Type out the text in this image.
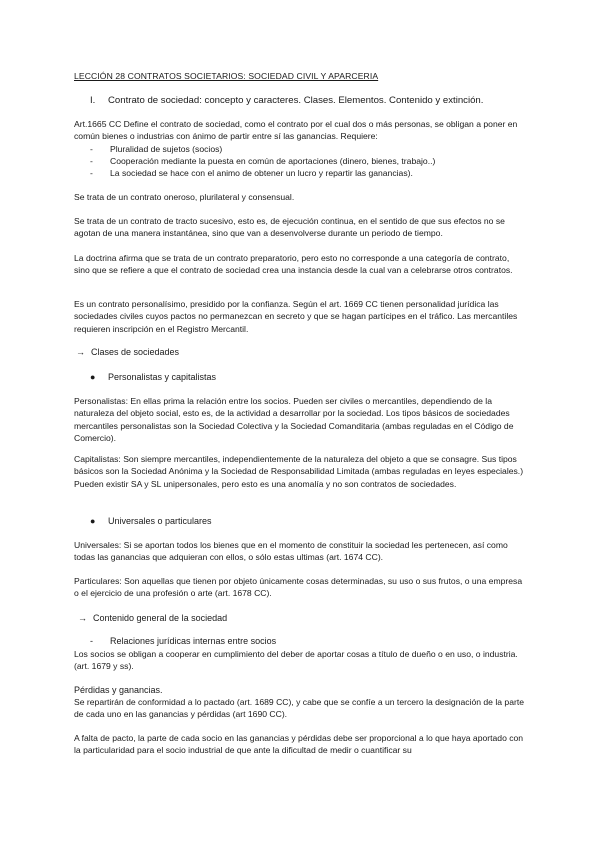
LECCIÓN 28 CONTRATOS SOCIETARIOS: SOCIEDAD CIVIL Y APARCERIA
I. Contrato de sociedad: concepto y caracteres. Clases. Elementos. Contenido y extinción.
Art.1665 CC Define el contrato de sociedad, como el contrato por el cual dos o más personas, se obligan a poner en común bienes o industrias con ánimo de partir entre sí las ganancias. Requiere:
-	Pluralidad de sujetos (socios)
-	Cooperación mediante la puesta en común de aportaciones (dinero, bienes, trabajo..)
-	La sociedad se hace con el animo de obtener un lucro y repartir las ganancias).
Se trata de un contrato oneroso, plurilateral y consensual.
Se trata de un contrato de tracto sucesivo, esto es, de ejecución continua, en el sentido de que sus efectos no se agotan de una manera instantánea, sino que van a desenvolverse durante un periodo de tiempo.
La doctrina afirma que se trata de un contrato preparatorio, pero esto no corresponde a una categoría de contrato, sino que se refiere a que el contrato de sociedad crea una instancia desde la cual van a celebrarse otros contratos.
Es un contrato personalísimo, presidido por la confianza. Según el art. 1669 CC tienen personalidad jurídica las sociedades civiles cuyos pactos no permanezcan en secreto y que se hagan partícipes en el tráfico. Las mercantiles requieren inscripción en el Registro Mercantil.
→ Clases de sociedades
● Personalistas y capitalistas
Personalistas: En ellas prima la relación entre los socios. Pueden ser civiles o mercantiles, dependiendo de la naturaleza del objeto social, esto es, de la actividad a desarrollar por la sociedad. Los tipos básicos de sociedades mercantiles personalistas son la Sociedad Colectiva y la Sociedad Comanditaria (ambas reguladas en el Código de Comercio).
Capitalistas: Son siempre mercantiles, independientemente de la naturaleza del objeto a que se consagre. Sus tipos básicos son la Sociedad Anónima y la Sociedad de Responsabilidad Limitada (ambas reguladas en leyes especiales.) Pueden existir SA y SL unipersonales, pero esto es una anomalía y no son contratos de sociedades.
● Universales o particulares
Universales: Si se aportan todos los bienes que en el momento de constituir la sociedad les pertenecen, así como todas las ganancias que adquieran con ellos, o sólo estas ultimas (art. 1674 CC).
Particulares: Son aquellas que tienen por objeto únicamente cosas determinadas, su uso o sus frutos, o una empresa o el ejercicio de una profesión o arte (art. 1678 CC).
→ Contenido general de la sociedad
- Relaciones jurídicas internas entre socios
Los socios se obligan a cooperar en cumplimiento del deber de aportar cosas a título de dueño o en uso, o industria. (art. 1679 y ss).
Pérdidas y ganancias.
Se repartirán de conformidad a lo pactado (art. 1689 CC), y cabe que se confíe a un tercero la designación de la parte de cada uno en las ganancias y pérdidas (art 1690 CC).
A falta de pacto, la parte de cada socio en las ganancias y pérdidas debe ser proporcional a lo que haya aportado con la particularidad para el socio industrial de que ante la dificultad de medir o cuantificar su
